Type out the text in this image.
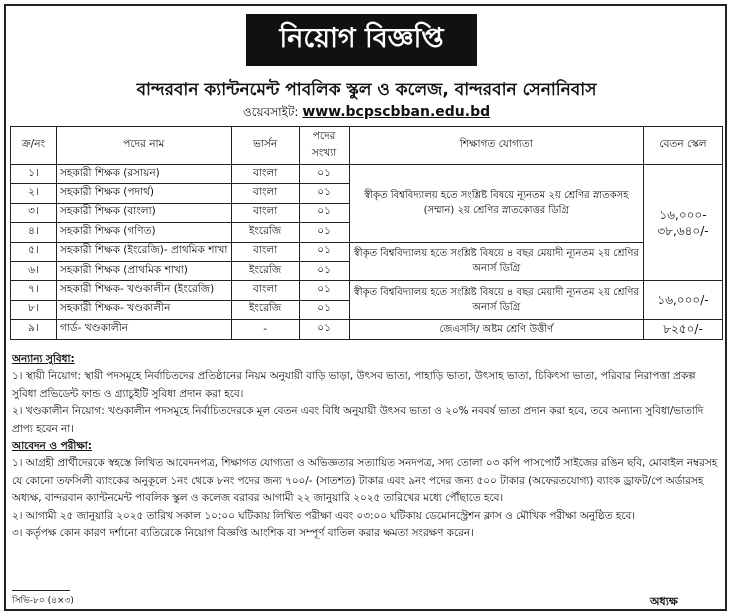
নিয়োগ বিজ্ঞপ্তি
বান্দরবান ক্যান্টনমেন্ট পাবলিক স্কুল ও কলেজ, বান্দরবান সেনানিবাস
ওয়েবসাইট: www.bcpscbban.edu.bd
ক্র/নং	পদের নাম	ভার্সন	পদের সংখ্যা	শিক্ষাগত যোগ্যতা	বেতন স্কেল
১।	সহকারী শিক্ষক (রসায়ন)	বাংলা	০১	স্বীকৃত বিশ্ববিদ্যালয় হতে সংশ্লিষ্ট বিষয়ে ন্যূনতম ২য় শ্রেণির স্নাতকসহ (সম্মান) ২য় শ্রেণির স্নাতকোত্তর ডিগ্রি	১৬,০০০- ৩৮,৬৪০/-
২।	সহকারী শিক্ষক (পদার্থ)	বাংলা	০১		
৩।	সহকারী শিক্ষক (বাংলা)	বাংলা	০১		
৪।	সহকারী শিক্ষক (গণিত)	ইংরেজি	০১		
৫।	সহকারী শিক্ষক (ইংরেজি)- প্রাথমিক শাখা	বাংলা	০১	স্বীকৃত বিশ্ববিদ্যালয় হতে সংশ্লিষ্ট বিষয়ে ৪ বছর মেয়াদী ন্যূনতম ২য় শ্রেণির অনার্স ডিগ্রি	
৬।	সহকারী শিক্ষক (প্রাথমিক শাখা)	ইংরেজি	০১		
৭।	সহকারী শিক্ষক- খণ্ডকালীন (ইংরেজি)	বাংলা	০১	স্বীকৃত বিশ্ববিদ্যালয় হতে সংশ্লিষ্ট বিষয়ে ৪ বছর মেয়াদী ন্যূনতম ২য় শ্রেণির অনার্স ডিগ্রি	১৬,০০০/-
৮।	সহকারী শিক্ষক- খণ্ডকালীন	ইংরেজি	০১		
৯।	গার্ড- খণ্ডকালীন	-	০১	জেএসসি/ অষ্টম শ্রেণি উত্তীর্ণ	৮২৫০/-
অন্যান্য সুবিধা:
১। স্থায়ী নিয়োগ: স্থায়ী পদসমূহে নির্বাচিতদের প্রতিষ্ঠানের নিয়ম অনুযায়ী বাড়ি ভাড়া, উৎসব ভাতা, পাহাড়ি ভাতা, উৎসাহ ভাতা, চিকিৎসা ভাতা, পরিবার নিরাপত্তা প্রকল্প সুবিধা প্রভিডেন্ট ফান্ড ও গ্র্যাচুইটি সুবিধা প্রদান করা হবে।
২। খণ্ডকালীন নিয়োগ: খণ্ডকালীন পদসমূহে নির্বাচিতদেরকে মূল বেতন এবং বিধি অনুযায়ী উৎসব ভাতা ও ২০% নববর্ষ ভাতা প্রদান করা হবে, তবে অন্যান্য সুবিধা/ভাতাদি প্রাপ্য হবেন না।
আবেদন ও পরীক্ষা:
১। আগ্রহী প্রার্থীদেরকে স্বহস্তে লিখিত আবেদনপত্র, শিক্ষাগত যোগ্যতা ও অভিজ্ঞতার সত্যায়িত সনদপত্র, সদ্য তোলা ০৩ কপি পাসপোর্ট সাইজের রঙিন ছবি, মোবাইল নম্বরসহ যে কোনো তফসিলী ব্যাংকের অনুকূলে ১নং থেকে ৮নং পদের জন্য ৭০০/- (সাতশত) টাকার এবং ৯নং পদের জন্য ৫০০ টাকার (অফেরতযোগ্য) ব্যাংক ড্রাফট/পে অর্ডারসহ অধ্যক্ষ, বান্দরবান ক্যান্টনমেন্ট পাবলিক স্কুল ও কলেজ বরাবর আগামী ২২ জানুয়ারি ২০২৫ তারিখের মধ্যে পৌঁছাতে হবে।
২। আগামী ২৫ জানুয়ারি ২০২৫ তারিখ সকাল ১০:০০ ঘটিকায় লিখিত পরীক্ষা এবং ০৩:০০ ঘটিকায় ডেমোনস্ট্রেশন ক্লাস ও মৌখিক পরীক্ষা অনুষ্ঠিত হবে।
৩। কর্তৃপক্ষ কোন কারণ দর্শানো ব্যতিরেকে নিয়োগ বিজ্ঞপ্তি আংশিক বা সম্পূর্ণ বাতিল করার ক্ষমতা সংরক্ষণ করেন।
সিভি-৮০ (৪×৩)	অধ্যক্ষ
